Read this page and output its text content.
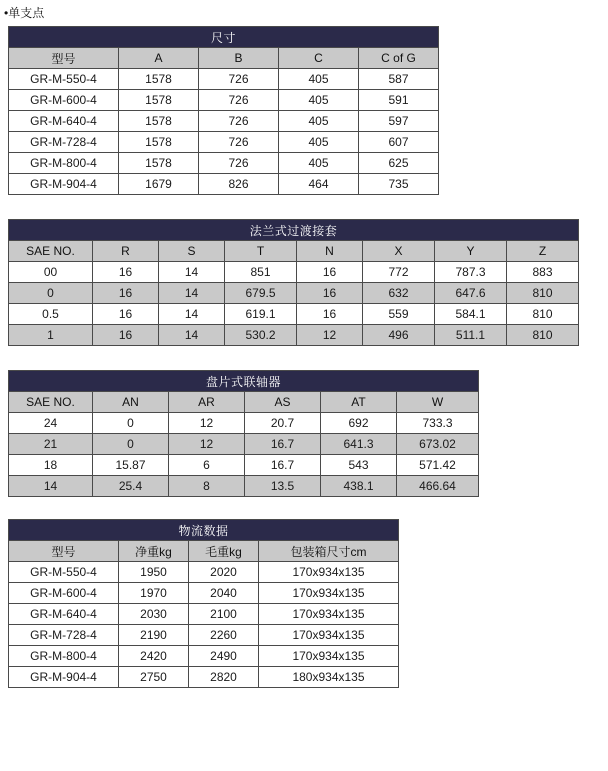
•单支点
尺寸				
型号	A	B	C	C of G
GR-M-550-4	1578	726	405	587
GR-M-600-4	1578	726	405	591
GR-M-640-4	1578	726	405	597
GR-M-728-4	1578	726	405	607
GR-M-800-4	1578	726	405	625
GR-M-904-4	1679	826	464	735
法兰式过渡接套							
SAE NO.	R	S	T	N	X	Y	Z
00	16	14	851	16	772	787.3	883
0	16	14	679.5	16	632	647.6	810
0.5	16	14	619.1	16	559	584.1	810
1	16	14	530.2	12	496	511.1	810
盘片式联轴器					
SAE NO.	AN	AR	AS	AT	W
24	0	12	20.7	692	733.3
21	0	12	16.7	641.3	673.02
18	15.87	6	16.7	543	571.42
14	25.4	8	13.5	438.1	466.64
物流数据			
型号	净重kg	毛重kg	包装箱尺寸cm
GR-M-550-4	1950	2020	170x934x135
GR-M-600-4	1970	2040	170x934x135
GR-M-640-4	2030	2100	170x934x135
GR-M-728-4	2190	2260	170x934x135
GR-M-800-4	2420	2490	170x934x135
GR-M-904-4	2750	2820	180x934x135
